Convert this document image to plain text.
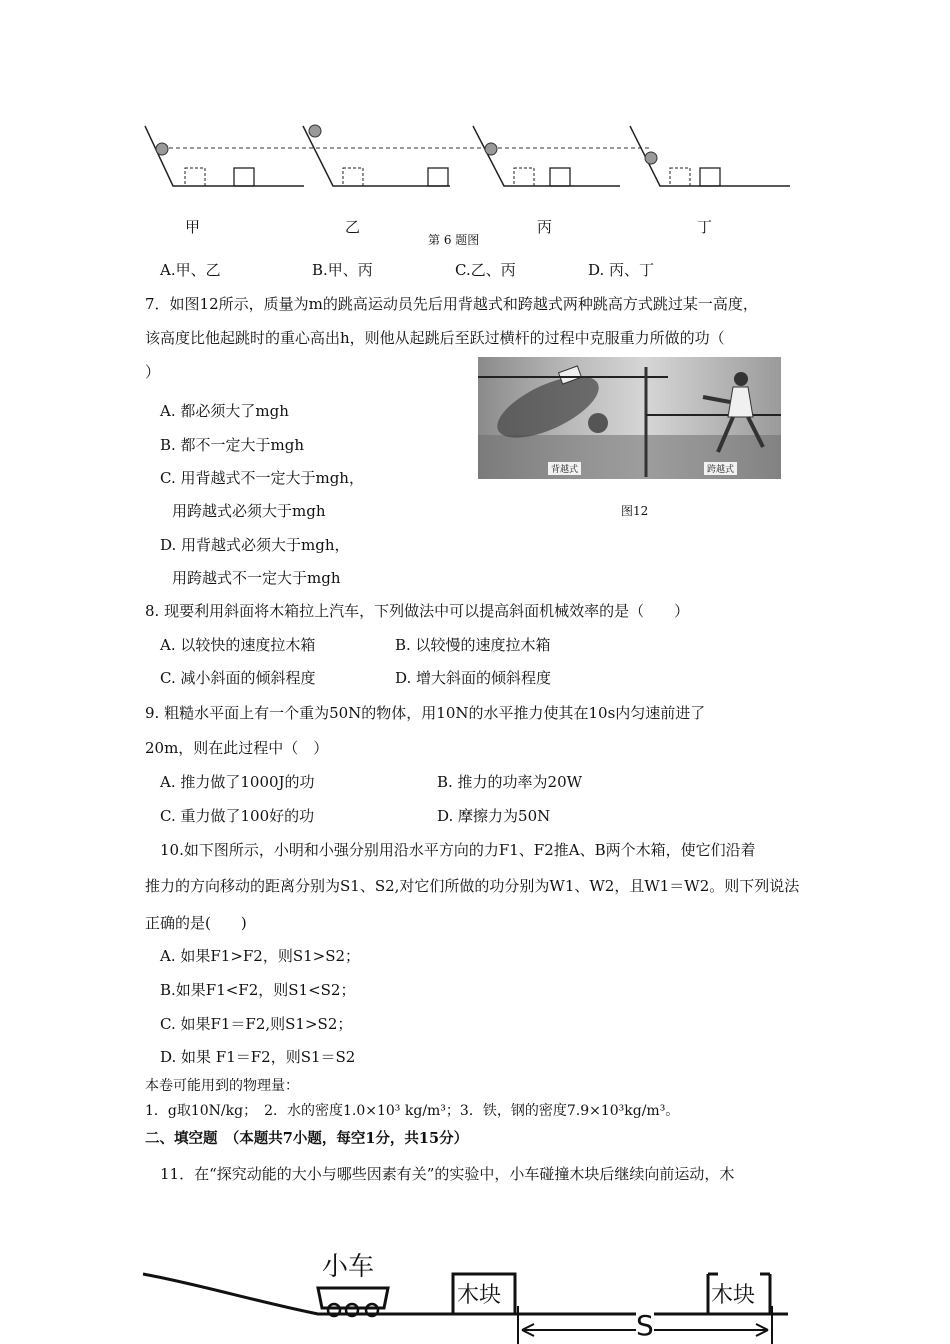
甲	乙	丙	丁
第 6 题图
A.甲、乙	B.甲、丙	C.乙、丙	D. 丙、丁
7．如图12所示，质量为m的跳高运动员先后用背越式和跨越式两种跳高方式跳过某一高度，
该高度比他起跳时的重心高出h，则他从起跳后至跃过横杆的过程中克服重力所做的功（
）
A. 都必须大了mgh
B. 都不一定大于mgh
C. 用背越式不一定大于mgh，
用跨越式必须大于mgh
D. 用背越式必须大于mgh，
用跨越式不一定大于mgh
背越式	跨越式
图12
8. 现要利用斜面将木箱拉上汽车，下列做法中可以提高斜面机械效率的是（　　）
A. 以较快的速度拉木箱	B. 以较慢的速度拉木箱
C. 减小斜面的倾斜程度	D. 增大斜面的倾斜程度
9. 粗糙水平面上有一个重为50N的物体，用10N的水平推力使其在10s内匀速前进了
20m，则在此过程中（　）
A. 推力做了1000J的功	B. 推力的功率为20W
C. 重力做了100好的功	D. 摩擦力为50N
10.如下图所示，小明和小强分别用沿水平方向的力F1、F2推A、B两个木箱，使它们沿着
推力的方向移动的距离分别为S1、S2,对它们所做的功分别为W1、W2，且W1＝W2。则下列说法
正确的是(　　)
A. 如果F1>F2，则S1>S2；
B.如果F1<F2，则S1<S2；
C. 如果F1＝F2,则S1>S2；
D. 如果 F1＝F2，则S1＝S2
本卷可能用到的物理量：
1．g取10N/kg；　2．水的密度1.0×10³ kg/m³；3．铁，钢的密度7.9×10³kg/m³。
二、填空题　（本题共7小题，每空1分，共15分）
11．在“探究动能的大小与哪些因素有关”的实验中，小车碰撞木块后继续向前运动，木
小车
木块	木块
S
